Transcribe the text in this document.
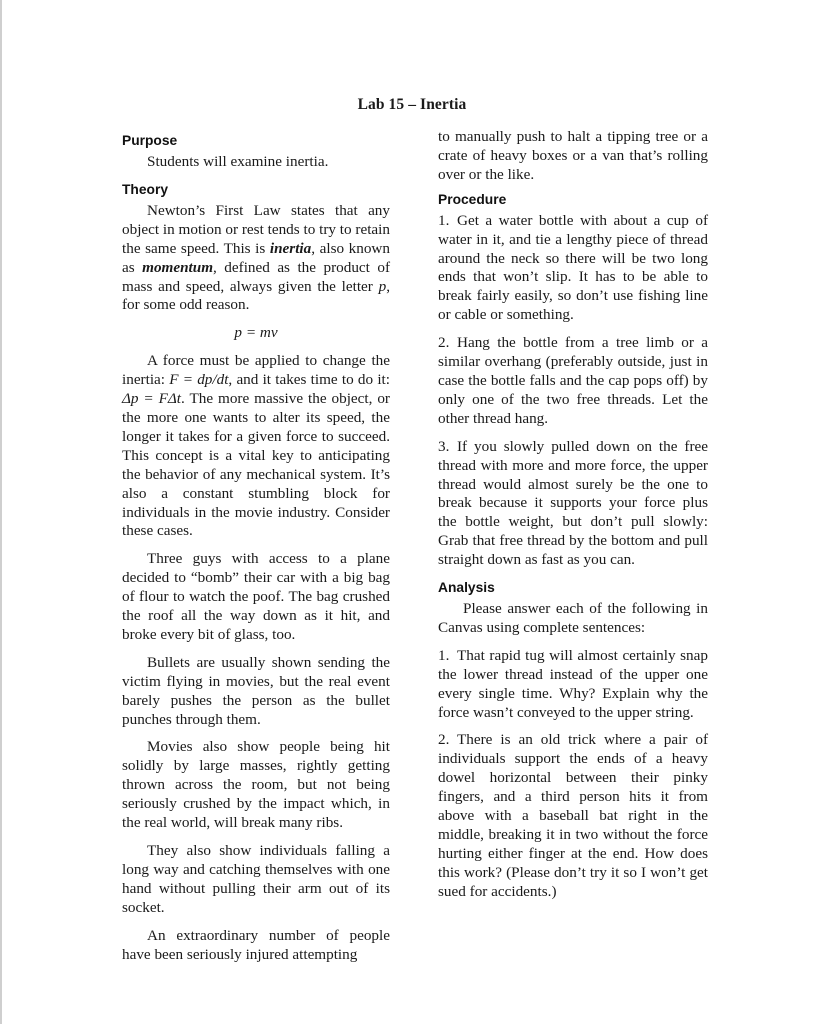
Lab 15 – Inertia
Purpose

Students will examine inertia.

Theory

Newton’s First Law states that any object in motion or rest tends to try to retain the same speed. This is inertia, also known as momentum, defined as the product of mass and speed, always given the letter p, for some odd reason.

p = mv

A force must be applied to change the inertia: F = dp/dt, and it takes time to do it: Δp = FΔt. The more massive the object, or the more one wants to alter its speed, the longer it takes for a given force to succeed. This concept is a vital key to anticipating the behavior of any mechanical system. It’s also a constant stumbling block for individuals in the movie industry. Consider these cases.

Three guys with access to a plane decided to “bomb” their car with a big bag of flour to watch the poof. The bag crushed the roof all the way down as it hit, and broke every bit of glass, too.

Bullets are usually shown sending the victim flying in movies, but the real event barely pushes the person as the bullet punches through them.

Movies also show people being hit solidly by large masses, rightly getting thrown across the room, but not being seriously crushed by the impact which, in the real world, will break many ribs.

They also show individuals falling a long way and catching themselves with one hand without pulling their arm out of its socket.

An extraordinary number of people have been seriously injured attempting

to manually push to halt a tipping tree or a crate of heavy boxes or a van that’s rolling over or the like.

Procedure

1. Get a water bottle with about a cup of water in it, and tie a lengthy piece of thread around the neck so there will be two long ends that won’t slip. It has to be able to break fairly easily, so don’t use fishing line or cable or something.

2. Hang the bottle from a tree limb or a similar overhang (preferably outside, just in case the bottle falls and the cap pops off) by only one of the two free threads. Let the other thread hang.

3. If you slowly pulled down on the free thread with more and more force, the upper thread would almost surely be the one to break because it supports your force plus the bottle weight, but don’t pull slowly: Grab that free thread by the bottom and pull straight down as fast as you can.

Analysis

Please answer each of the following in Canvas using complete sentences:

1. That rapid tug will almost certainly snap the lower thread instead of the upper one every single time. Why? Explain why the force wasn’t conveyed to the upper string.

2. There is an old trick where a pair of individuals support the ends of a heavy dowel horizontal between their pinky fingers, and a third person hits it from above with a baseball bat right in the middle, breaking it in two without the force hurting either finger at the end. How does this work? (Please don’t try it so I won’t get sued for accidents.)
